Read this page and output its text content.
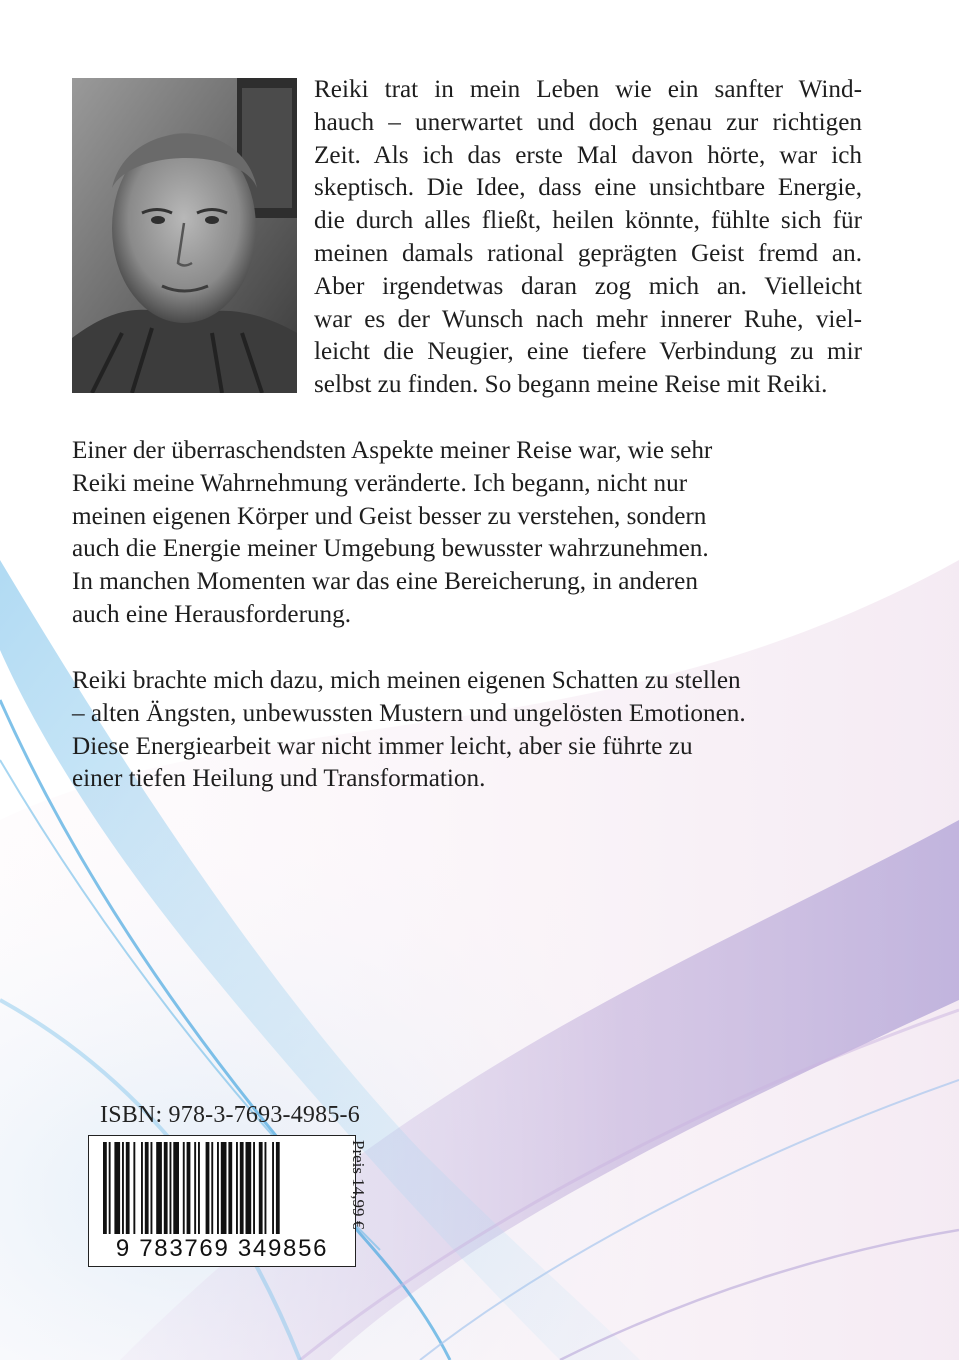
Reiki trat in mein Leben wie ein sanfter Wind-
hauch – unerwartet und doch genau zur richtigen
Zeit. Als ich das erste Mal davon hörte, war ich
skeptisch. Die Idee, dass eine unsichtbare Energie,
die durch alles fließt, heilen könnte, fühlte sich für
meinen damals rational geprägten Geist fremd an.
Aber irgendetwas daran zog mich an. Vielleicht
war es der Wunsch nach mehr innerer Ruhe, viel-
leicht die Neugier, eine tiefere Verbindung zu mir
selbst zu finden. So begann meine Reise mit Reiki.

Einer der überraschendsten Aspekte meiner Reise war, wie sehr
Reiki meine Wahrnehmung veränderte. Ich begann, nicht nur
meinen eigenen Körper und Geist besser zu verstehen, sondern
auch die Energie meiner Umgebung bewusster wahrzunehmen.
In manchen Momenten war das eine Bereicherung, in anderen
auch eine Herausforderung.

Reiki brachte mich dazu, mich meinen eigenen Schatten zu stellen
– alten Ängsten, unbewussten Mustern und ungelösten Emotionen.
Diese Energiearbeit war nicht immer leicht, aber sie führte zu
einer tiefen Heilung und Transformation.

ISBN: 978-3-7693-4985-6

9 783769 349856
Preis 14,99 €
